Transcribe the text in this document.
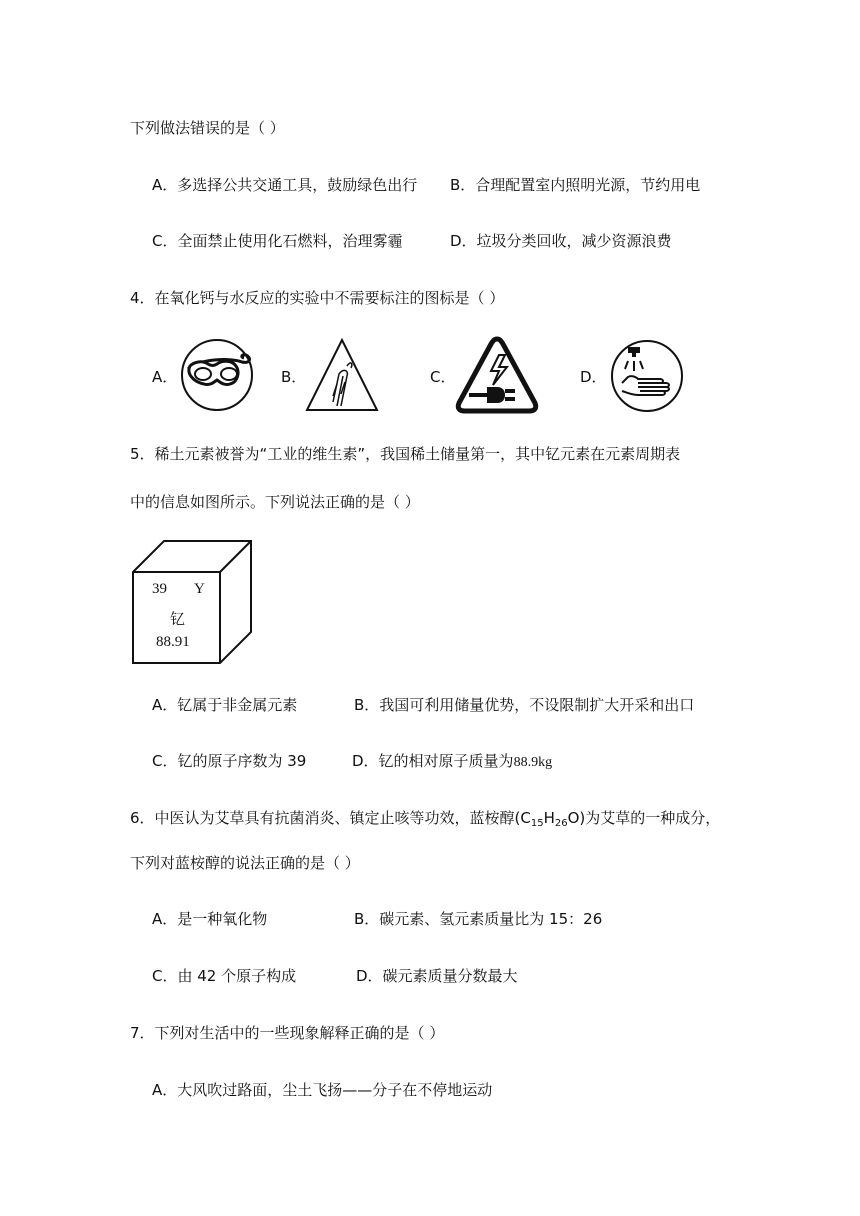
下列做法错误的是（ ）
A．多选择公共交通工具，鼓励绿色出行 B．合理配置室内照明光源，节约用电
C．全面禁止使用化石燃料，治理雾霾	D．垃圾分类回收，减少资源浪费
4．在氧化钙与水反应的实验中不需要标注的图标是（ ）
A．	B．	C．	D．
5．稀土元素被誉为“工业的维生素”，我国稀土储量第一，其中钇元素在元素周期表
中的信息如图所示。下列说法正确的是（ ）
39 Y
钇
88.91
A．钇属于非金属元素	B．我国可利用储量优势，不设限制扩大开采和出口
C．钇的原子序数为 39	D．钇的相对原子质量为88.9kg
6．中医认为艾草具有抗菌消炎、镇定止咳等功效，蓝桉醇$(C_{15}H_{26}O)$为艾草的一种成分，
下列对蓝桉醇的说法正确的是（ ）
A．是一种氧化物	B．碳元素、氢元素质量比为 15：26
C．由 42 个原子构成	D．碳元素质量分数最大
7．下列对生活中的一些现象解释正确的是（ ）
A．大风吹过路面，尘土飞扬——分子在不停地运动
